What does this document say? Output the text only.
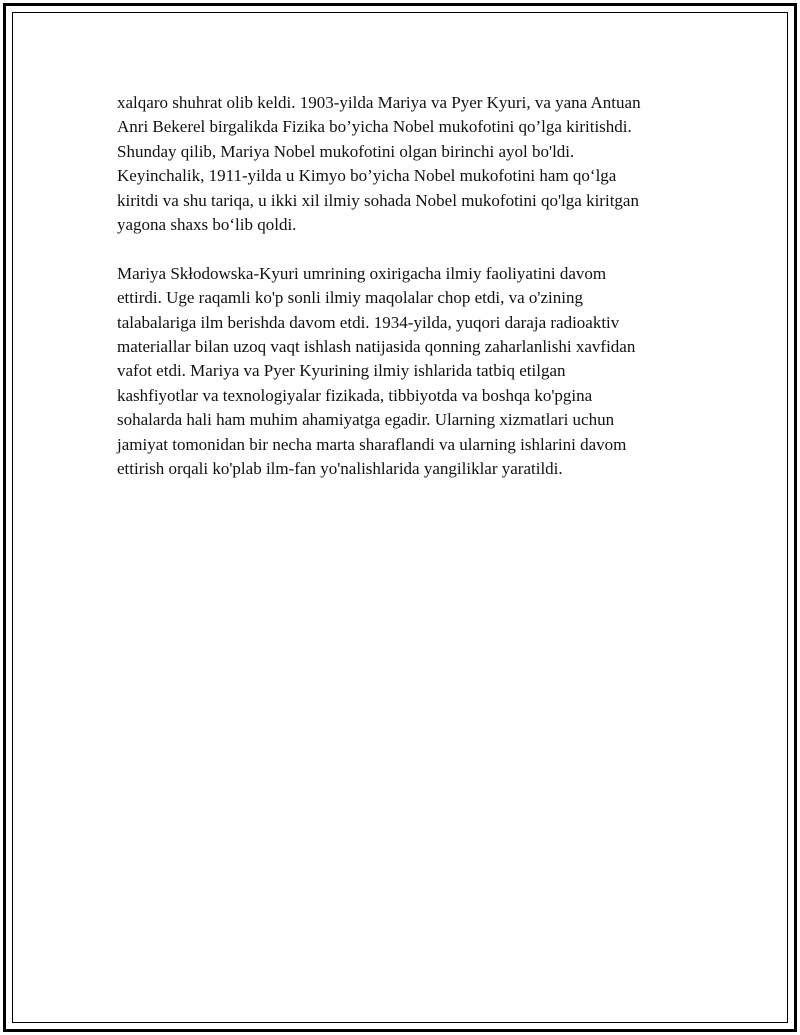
xalqaro shuhrat olib keldi. 1903-yilda Mariya va Pyer Kyuri, va yana Antuan
Anri Bekerel birgalikda Fizika bo’yicha Nobel mukofotini qo’lga kiritishdi.
Shunday qilib, Mariya Nobel mukofotini olgan birinchi ayol bo'ldi.
Keyinchalik, 1911-yilda u Kimyo bo’yicha Nobel mukofotini ham qo‘lga
kiritdi va shu tariqa, u ikki xil ilmiy sohada Nobel mukofotini qo'lga kiritgan
yagona shaxs bo‘lib qoldi.

Mariya Skłodowska-Kyuri umrining oxirigacha ilmiy faoliyatini davom
ettirdi. Uge raqamli ko'p sonli ilmiy maqolalar chop etdi, va o'zining
talabalariga ilm berishda davom etdi. 1934-yilda, yuqori daraja radioaktiv
materiallar bilan uzoq vaqt ishlash natijasida qonning zaharlanlishi xavfidan
vafot etdi. Mariya va Pyer Kyurining ilmiy ishlarida tatbiq etilgan
kashfiyotlar va texnologiyalar fizikada, tibbiyotda va boshqa ko'pgina
sohalarda hali ham muhim ahamiyatga egadir. Ularning xizmatlari uchun
jamiyat tomonidan bir necha marta sharaflandi va ularning ishlarini davom
ettirish orqali ko'plab ilm-fan yo'nalishlarida yangiliklar yaratildi.
